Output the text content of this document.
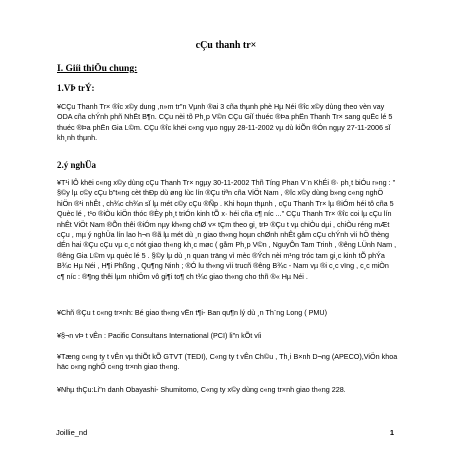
cÇu thanh tr×
I. Giíi thiÖu chung:
1.VÞ trÝ:

¥CÇu Thanh Tr× ®îc x©y dung ,n»m tr"n Vµnh ®ai 3 cña thµnh phè Hµ Néi ®îc x©y dùng theo vèn vay ODA cña chÝnh phñ NhËt B¶n. CÇu nèi tõ Ph¸p V©n CÇu GiÏ thuéc ®Þa phËn Thanh Tr× sang quËc lé 5 thuéc ®Þa phËn Gia L©m. CÇu ®îc khëi c«ng vµo ngµy 28-11-2002 vµ dù kiÕn ®Ón ngµy 27-11-2006 sÏ kh¸nh thµnh.

2.ý nghÜa

¥T¹i lÔ khëi c«ng x©y dùng cÇu Thanh Tr× ngµy 30-11-2002 Thñ Tíng Phan V¨n KhÉi ®· ph¸t biÓu r»ng : " §©y lµ c©y cÇu b"t«ng cèt thÐp dù øng lùc lín ®Çu tiªn cña ViÖt Nam , ®îc x©y dùng b»ng c«ng nghÖ hiÖn ®¹i nhÊt , ch¾c ch¾n sÏ lµ mét c©y cÇu ®Ñp . Khi hoµn thµnh , cÇu Thanh Tr× lµ ®iÓm héi tô cña 5 Quèc lé , t¹o ®iÒu kiÖn thóc ®Èy ph¸t triÓn kinh tÕ x· héi cña c¶ níc ..." CÇu Thanh Tr× ®îc coi lµ cÇu lín nhÊt ViÖt Nam ®Õn thêi ®iÓm nµy kh«ng chØ v× tÇm theo gi¸ trÞ ®Çu t vµ chiÒu dµi , chiÒu réng mÆt cÇu , mµ ý nghÜa lín lao h¬n ®ã lµ mét dù ¸n giao th«ng hoµn chØnh nhÊt gåm cÇu chÝnh vìi hÖ thèng dÉn hai ®Çu cÇu vµ c¸c nót giao th«ng kh¸c møc ( gåm Ph¸p V©n , NguyÔn Tam Trinh , ®êng LÜnh Nam , ®êng Gia L©m vµ quèc lé 5 . §©y lµ dù ¸n quan träng vì mèc ®Ých nèi m¹ng tróc tam gi¸c kinh tÕ phÝa B¾c Hµ Néi , H¶i Phßng , Qu¶ng Ninh ; ®Ó lu th«ng vìi trucñ ®êng B¾c - Nam vµ ®i c¸c vïng , c¸c miÒn c¶ níc : ®¶ng thêi lµm nhiÖm vô gi¶i to¶ ch t¾c giao th«ng cho thñ ®« Hµ Néi .

¥Chñ ®Çu t c«ng tr×nh: Bé giao th«ng vËn t¶i- Ban qu¶n lý dù ¸n Th¨ng Long ( PMU)

¥§¬n vÞ t vÊn : Pacific Consultans International (PCI) li"n kÕt víi

¥Tæng c«ng ty t vÊn vµ thiÕt kÕ GTVT (TEDI), C«ng ty t vÊn Ch©u , Th¸i B×nh D¬ng (APECO),ViÖn khoa häc c«ng nghÖ c«ng tr×nh giao th«ng.

¥Nhµ thÇu:Li"n danh Obayashi- Shumitomo, C«ng ty x©y dùng c«ng tr×nh giao th«ng 228.

Joillie_nd	1
